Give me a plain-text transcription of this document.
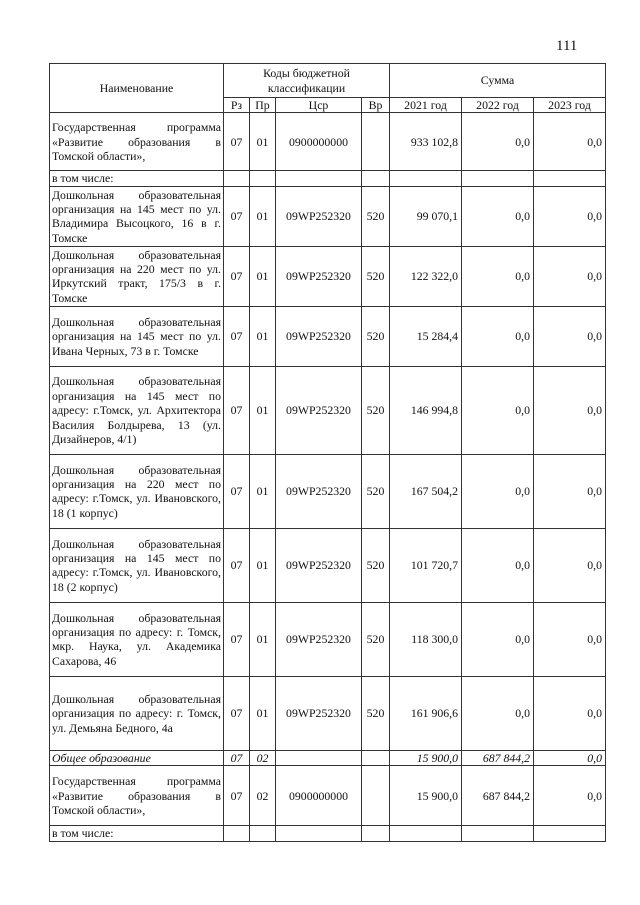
111
Наименование	Коды бюджетной классификации				Сумма		
	Рз	Пр	Цср	Вр	2021 год	2022 год	2023 год
Государственная программа «Развитие образования в Томской области»,	07	01	0900000000		933 102,8	0,0	0,0
в том числе:							
Дошкольная образовательная организация на 145 мест по ул. Владимира Высоцкого, 16 в г. Томске	07	01	09WP252320	520	99 070,1	0,0	0,0
Дошкольная образовательная организация на 220 мест по ул. Иркутский тракт, 175/3 в г. Томске	07	01	09WP252320	520	122 322,0	0,0	0,0
Дошкольная образовательная организация на 145 мест по ул. Ивана Черных, 73 в г. Томске	07	01	09WP252320	520	15 284,4	0,0	0,0
Дошкольная образовательная организация на 145 мест по адресу: г.Томск, ул. Архитектора Василия Болдырева, 13 (ул. Дизайнеров, 4/1)	07	01	09WP252320	520	146 994,8	0,0	0,0
Дошкольная образовательная организация на 220 мест по адресу: г.Томск, ул. Ивановского, 18 (1 корпус)	07	01	09WP252320	520	167 504,2	0,0	0,0
Дошкольная образовательная организация на 145 мест по адресу: г.Томск, ул. Ивановского, 18 (2 корпус)	07	01	09WP252320	520	101 720,7	0,0	0,0
Дошкольная образовательная организация по адресу: г. Томск, мкр. Наука, ул. Академика Сахарова, 46	07	01	09WP252320	520	118 300,0	0,0	0,0
Дошкольная образовательная организация по адресу: г. Томск, ул. Демьяна Бедного, 4а	07	01	09WP252320	520	161 906,6	0,0	0,0
Общее образование	07	02			15 900,0	687 844,2	0,0
Государственная программа «Развитие образования в Томской области»,	07	02	0900000000		15 900,0	687 844,2	0,0
в том числе:							
